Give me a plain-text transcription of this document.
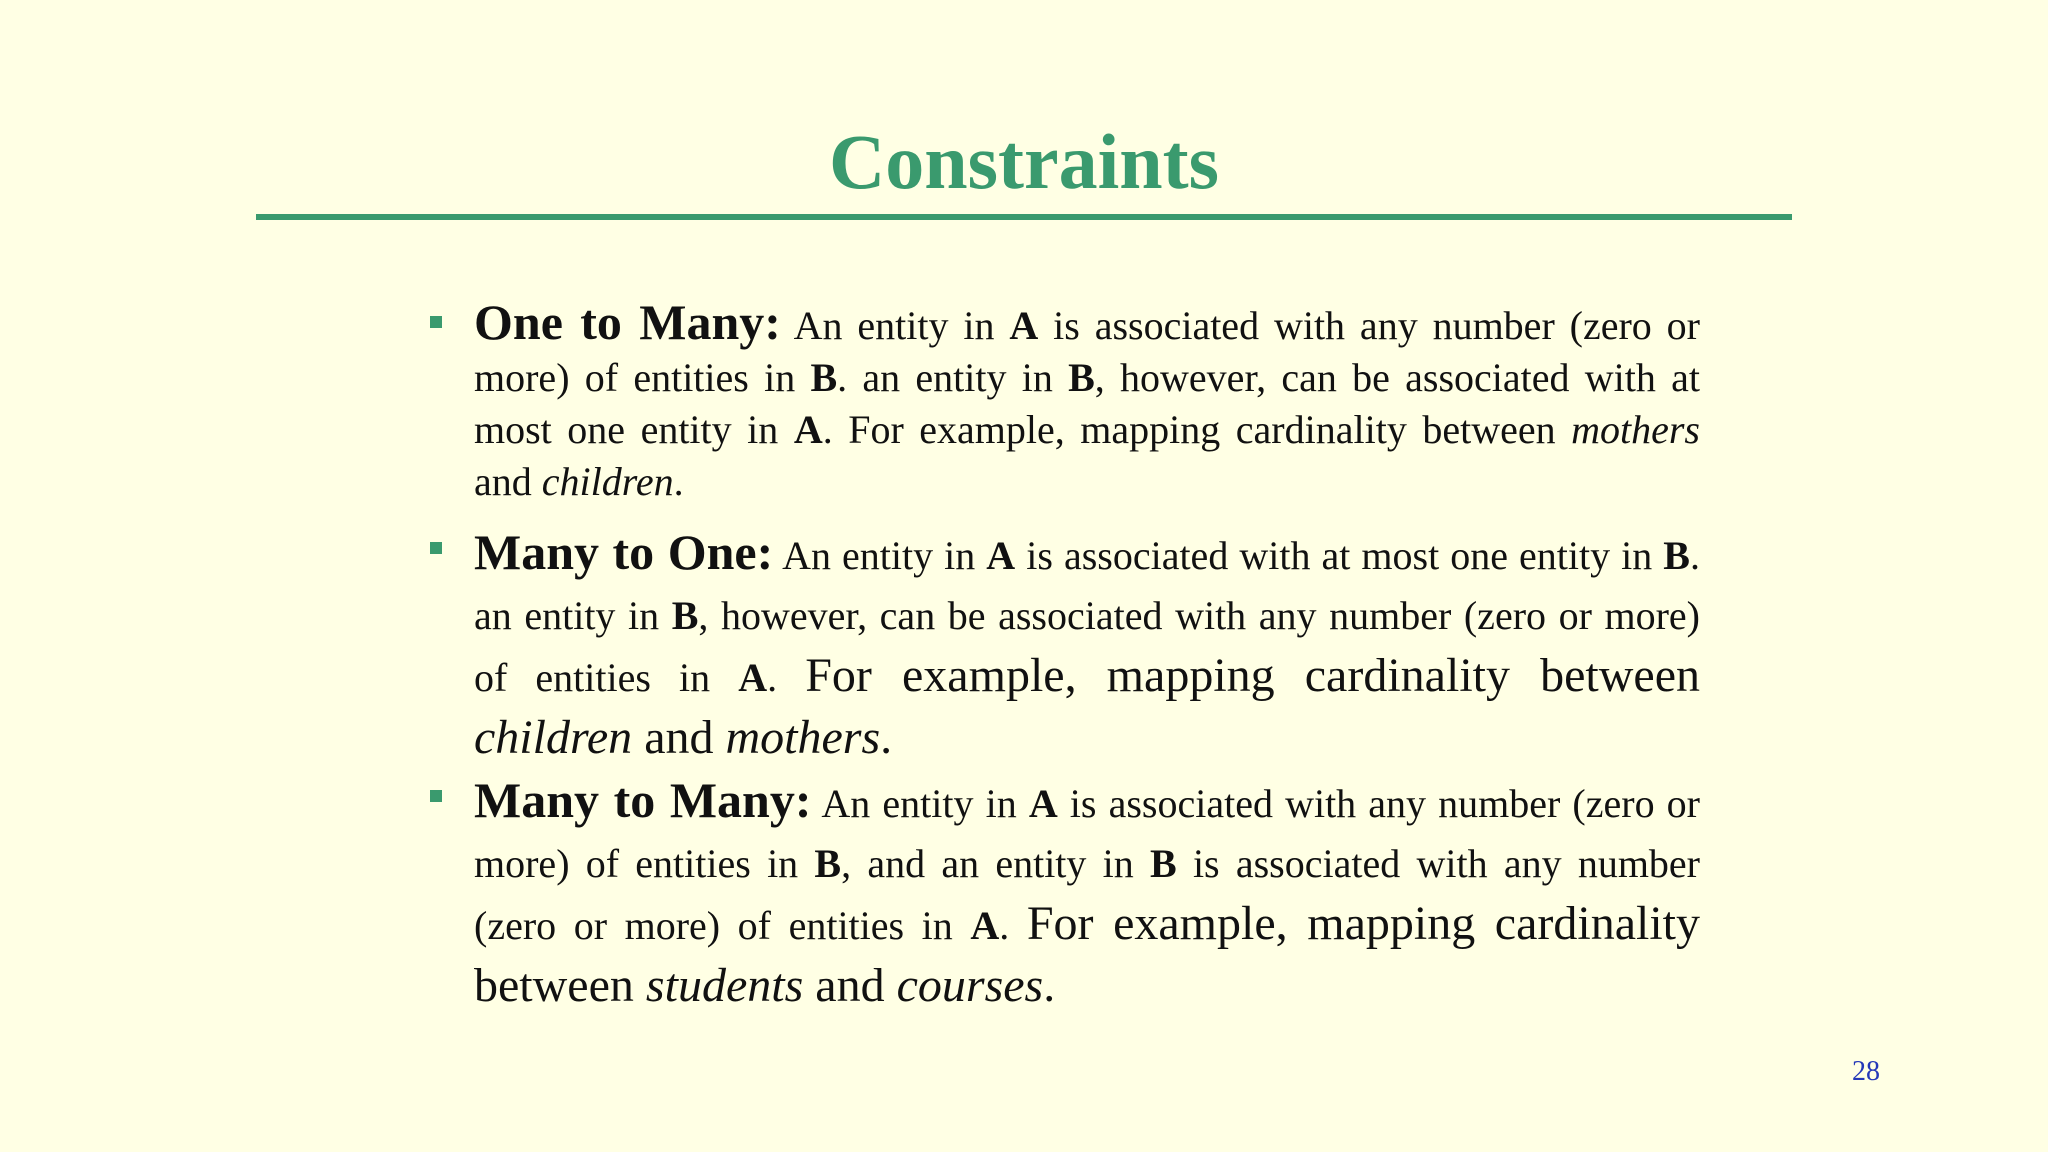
Constraints
One to Many: An entity in A is associated with any number (zero or more) of entities in B. an entity in B, however, can be associated with at most one entity in A. For example, mapping cardinality between mothers and children.
Many to One: An entity in A is associated with at most one entity in B. an entity in B, however, can be associated with any number (zero or more) of entities in A. For example, mapping cardinality between children and mothers.
Many to Many: An entity in A is associated with any number (zero or more) of entities in B, and an entity in B is associated with any number (zero or more) of entities in A. For example, mapping cardinality between students and courses.
28
